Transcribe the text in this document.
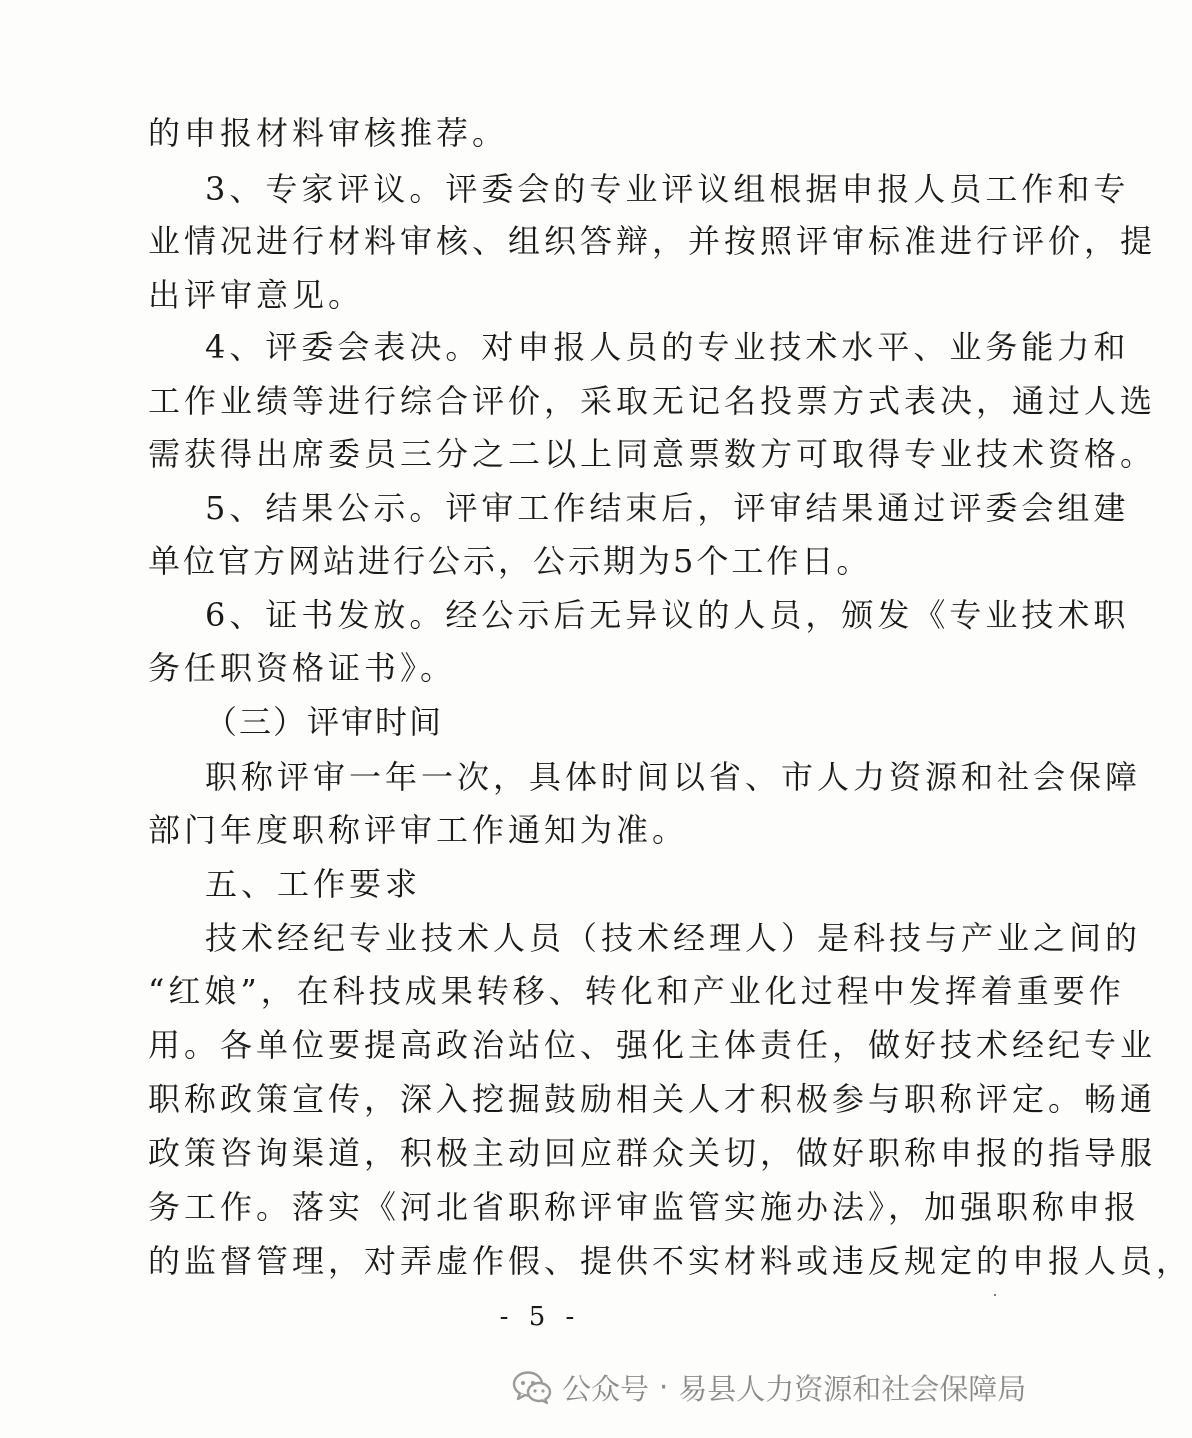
的申报材料审核推荐。
3、专家评议。评委会的专业评议组根据申报人员工作和专
业情况进行材料审核、组织答辩，并按照评审标准进行评价，提
出评审意见。
4、评委会表决。对申报人员的专业技术水平、业务能力和
工作业绩等进行综合评价，采取无记名投票方式表决，通过人选
需获得出席委员三分之二以上同意票数方可取得专业技术资格。
5、结果公示。评审工作结束后，评审结果通过评委会组建
单位官方网站进行公示，公示期为5个工作日。
6、证书发放。经公示后无异议的人员，颁发《专业技术职
务任职资格证书》。
（三）评审时间
职称评审一年一次，具体时间以省、市人力资源和社会保障
部门年度职称评审工作通知为准。
五、工作要求
技术经纪专业技术人员（技术经理人）是科技与产业之间的
“红娘”，在科技成果转移、转化和产业化过程中发挥着重要作
用。各单位要提高政治站位、强化主体责任，做好技术经纪专业
职称政策宣传，深入挖掘鼓励相关人才积极参与职称评定。畅通
政策咨询渠道，积极主动回应群众关切，做好职称申报的指导服
务工作。落实《河北省职称评审监管实施办法》，加强职称申报
的监督管理，对弄虚作假、提供不实材料或违反规定的申报人员，
- 5 -
公众号 · 易县人力资源和社会保障局
